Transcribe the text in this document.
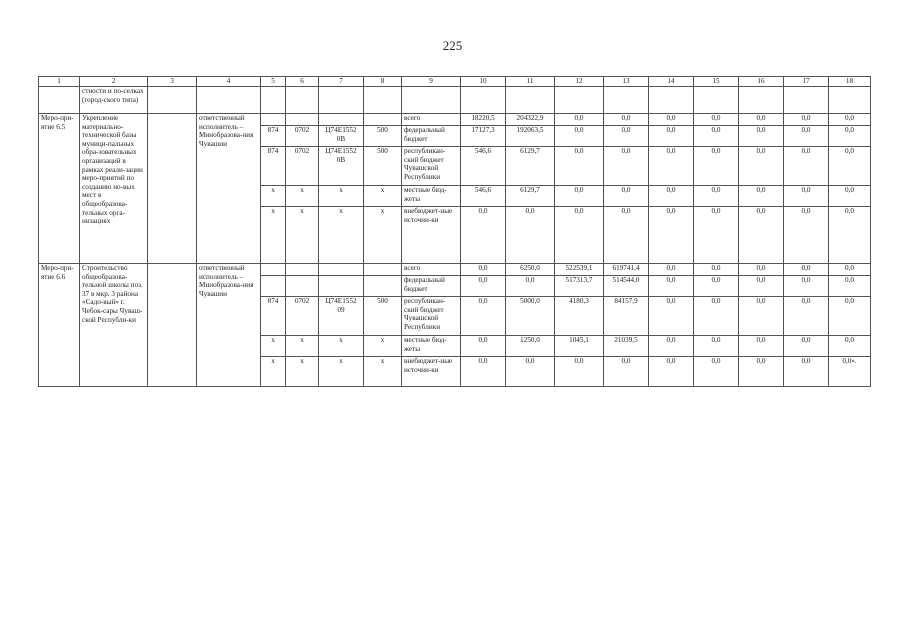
225
1	2	3	4	5	6	7	8	9	10	11	12	13	14	15	16	17	18
	стности и по-селках (город-ского типа)																
Меро-при-ятие 6.5	Укрепление материально-технической базы муници-пальных обра-зовательных организаций в рамках реали-зации меро-приятий по созданию но-вых мест в общеобразова-тельных орга-низациях		ответственный исполнитель – Минобразова-ния Чувашии					всего	18220,5	204322,9	0,0	0,0	0,0	0,0	0,0	0,0	0,0
				874	0702	Ц74Е1552 0В	500	федеральный бюджет	17127,3	192063,5	0,0	0,0	0,0	0,0	0,0	0,0	0,0
				874	0702	Ц74Е1552 0В	500	республикан-ский бюджет Чувашской Республики	546,6	6129,7	0,0	0,0	0,0	0,0	0,0	0,0	0,0
				х	х	х	х	местные бюд-жеты	546,6	6129,7	0,0	0,0	0,0	0,0	0,0	0,0	0,0
				х	х	х	х	внебюджет-ные источни-ки	0,0	0,0	0,0	0,0	0,0	0,0	0,0	0,0	0,0
Меро-при-ятие 6.6	Строительство общеобразова-тельной школы поз. 37 в мкр. 3 района «Садо-вый» г. Чебок-сары Чуваш-ской Республи-ки		ответственный исполнитель – Минобразова-ния Чувашии					всего	0,0	6250,0	522539,1	619741,4	0,0	0,0	0,0	0,0	0,0
								федеральный бюджет	0,0	0,0	517313,7	514544,0	0,0	0,0	0,0	0,0	0,0
				874	0702	Ц74Е1552 09	500	республикан-ский бюджет Чувашской Республики	0,0	5000,0	4180,3	84157,9	0,0	0,0	0,0	0,0	0,0
				х	х	х	х	местные бюд-жеты	0,0	1250,0	1045,1	21039,5	0,0	0,0	0,0	0,0	0,0
				х	х	х	х	внебюджет-ные источни-ки	0,0	0,0	0,0	0,0	0,0	0,0	0,0	0,0	0,0».
